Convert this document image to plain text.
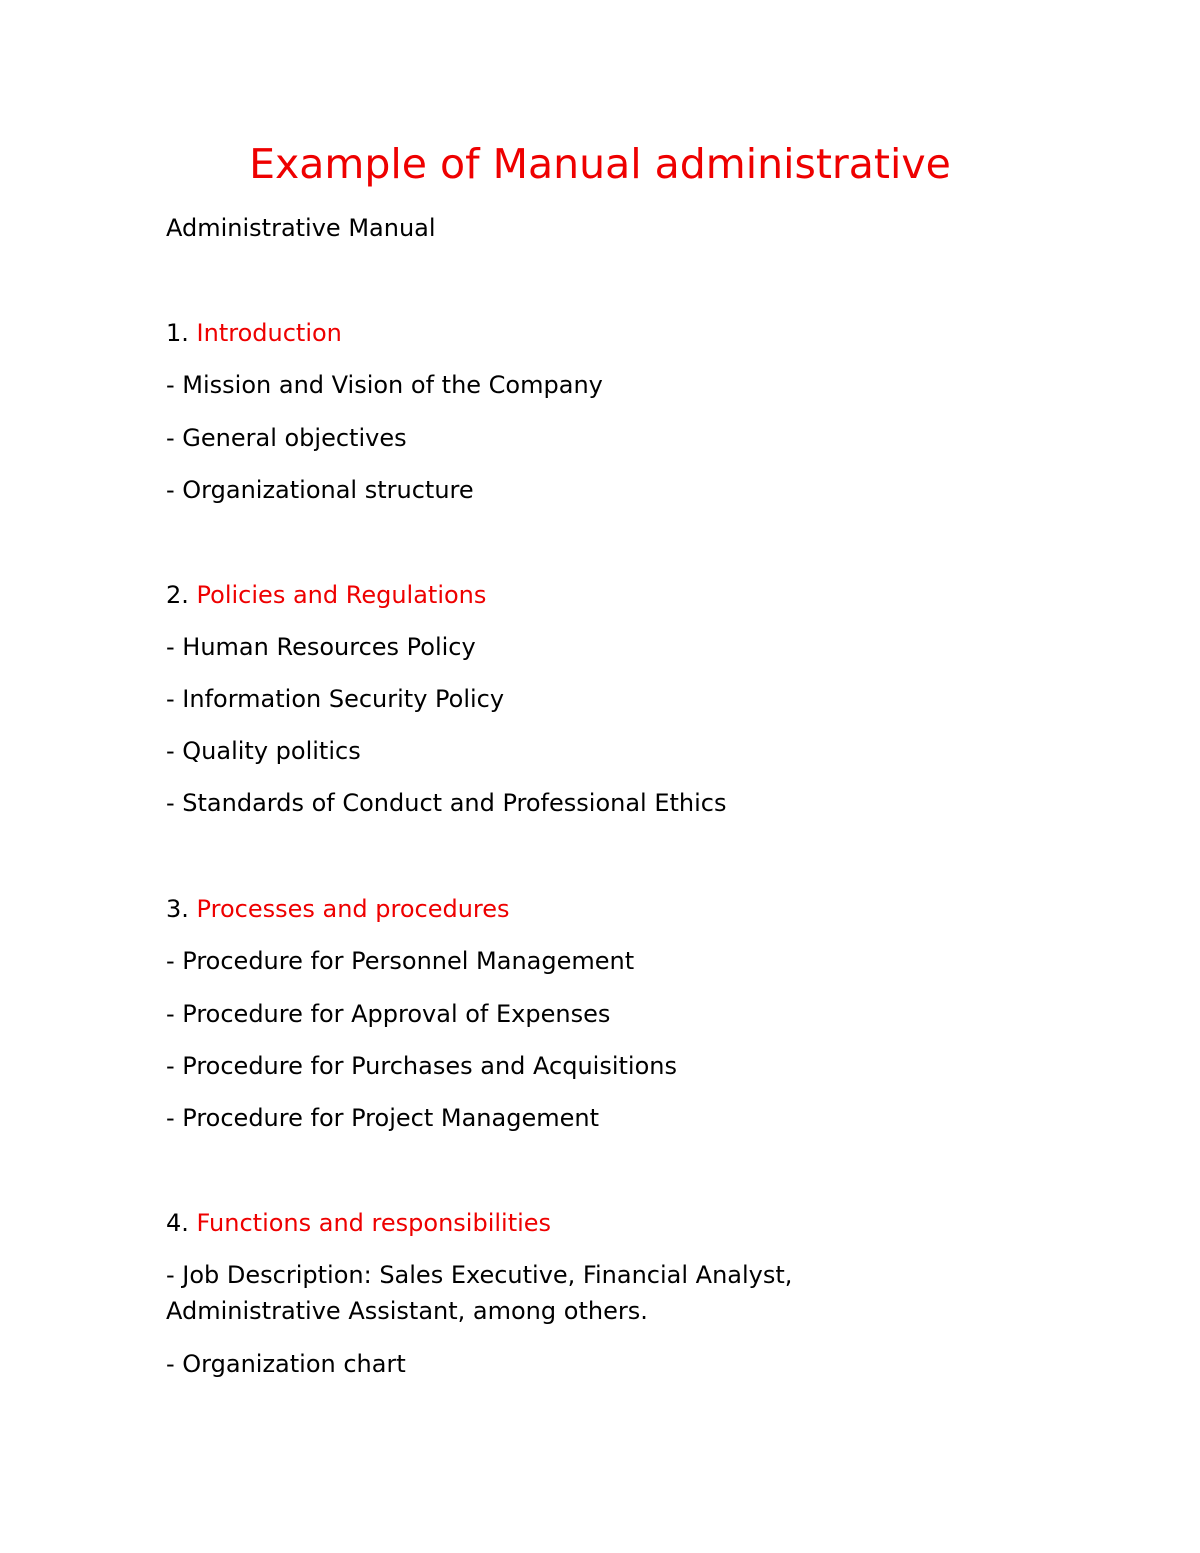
Example of Manual administrative

Administrative Manual

1. Introduction

- Mission and Vision of the Company

- General objectives

- Organizational structure

2. Policies and Regulations

- Human Resources Policy

- Information Security Policy

- Quality politics

- Standards of Conduct and Professional Ethics

3. Processes and procedures

- Procedure for Personnel Management

- Procedure for Approval of Expenses

- Procedure for Purchases and Acquisitions

- Procedure for Project Management

4. Functions and responsibilities

- Job Description: Sales Executive, Financial Analyst,

Administrative Assistant, among others.

- Organization chart
